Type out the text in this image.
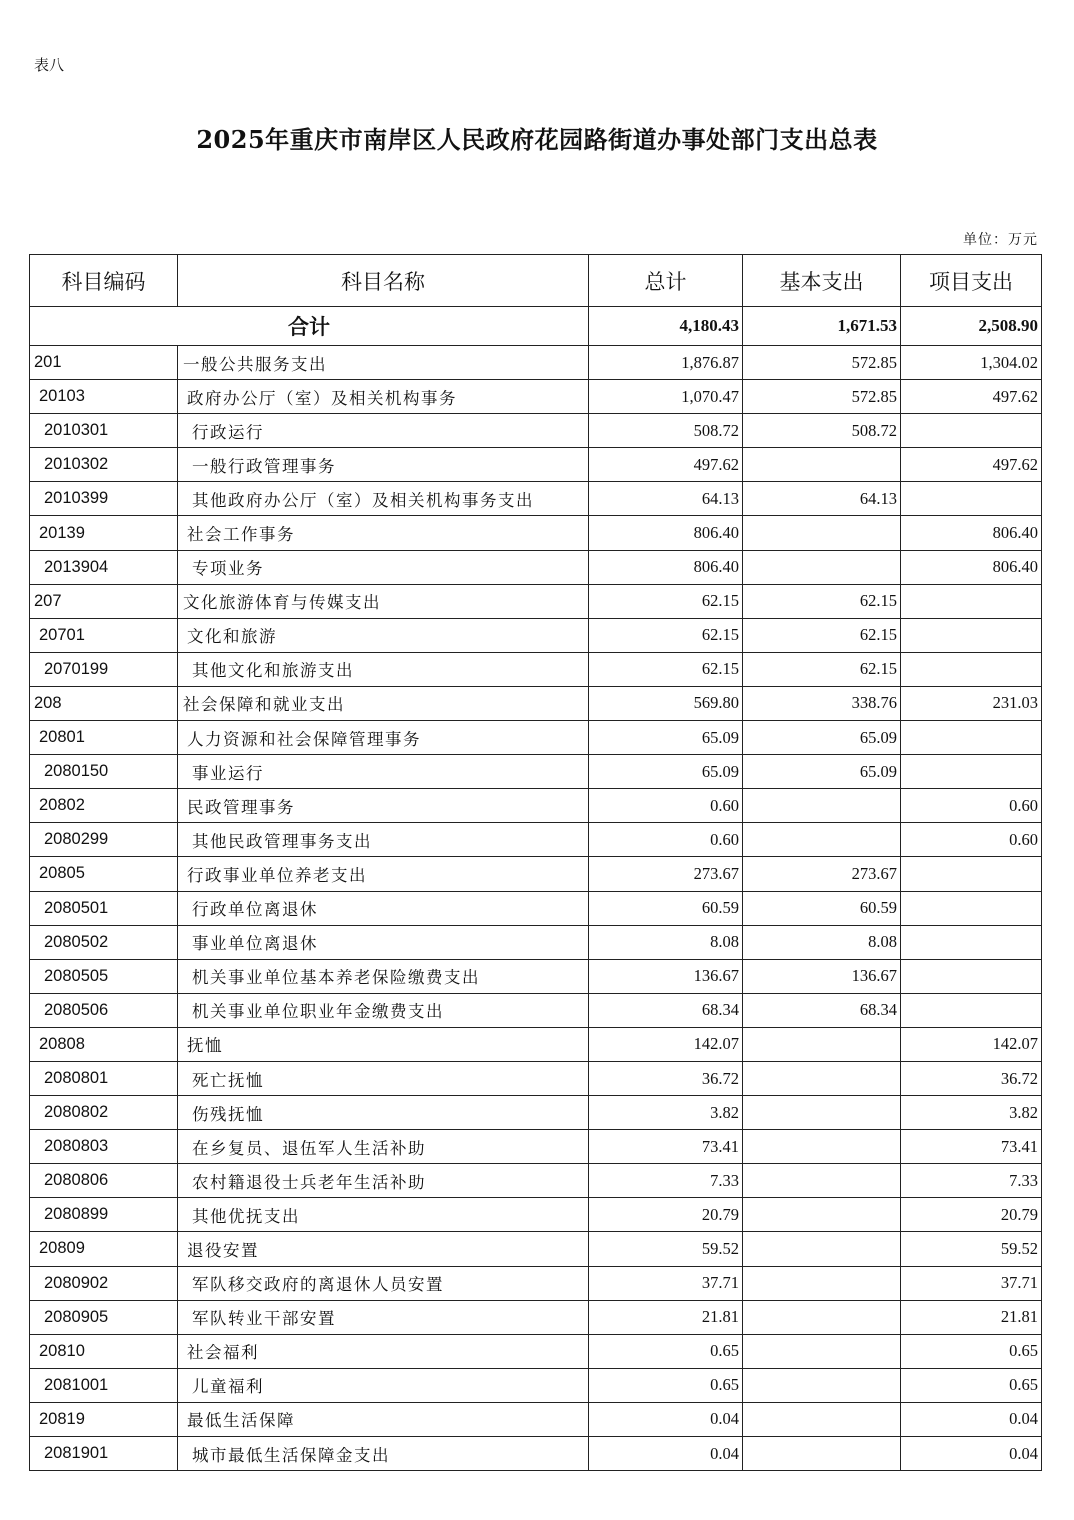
表八
2025年重庆市南岸区人民政府花园路街道办事处部门支出总表
单位：万元
科目编码	科目名称	总计	基本支出	项目支出
合计		4,180.43	1,671.53	2,508.90
201	一般公共服务支出	1,876.87	572.85	1,304.02
20103	政府办公厅（室）及相关机构事务	1,070.47	572.85	497.62
2010301	行政运行	508.72	508.72	
2010302	一般行政管理事务	497.62		497.62
2010399	其他政府办公厅（室）及相关机构事务支出	64.13	64.13	
20139	社会工作事务	806.40		806.40
2013904	专项业务	806.40		806.40
207	文化旅游体育与传媒支出	62.15	62.15	
20701	文化和旅游	62.15	62.15	
2070199	其他文化和旅游支出	62.15	62.15	
208	社会保障和就业支出	569.80	338.76	231.03
20801	人力资源和社会保障管理事务	65.09	65.09	
2080150	事业运行	65.09	65.09	
20802	民政管理事务	0.60		0.60
2080299	其他民政管理事务支出	0.60		0.60
20805	行政事业单位养老支出	273.67	273.67	
2080501	行政单位离退休	60.59	60.59	
2080502	事业单位离退休	8.08	8.08	
2080505	机关事业单位基本养老保险缴费支出	136.67	136.67	
2080506	机关事业单位职业年金缴费支出	68.34	68.34	
20808	抚恤	142.07		142.07
2080801	死亡抚恤	36.72		36.72
2080802	伤残抚恤	3.82		3.82
2080803	在乡复员、退伍军人生活补助	73.41		73.41
2080806	农村籍退役士兵老年生活补助	7.33		7.33
2080899	其他优抚支出	20.79		20.79
20809	退役安置	59.52		59.52
2080902	军队移交政府的离退休人员安置	37.71		37.71
2080905	军队转业干部安置	21.81		21.81
20810	社会福利	0.65		0.65
2081001	儿童福利	0.65		0.65
20819	最低生活保障	0.04		0.04
2081901	城市最低生活保障金支出	0.04		0.04
